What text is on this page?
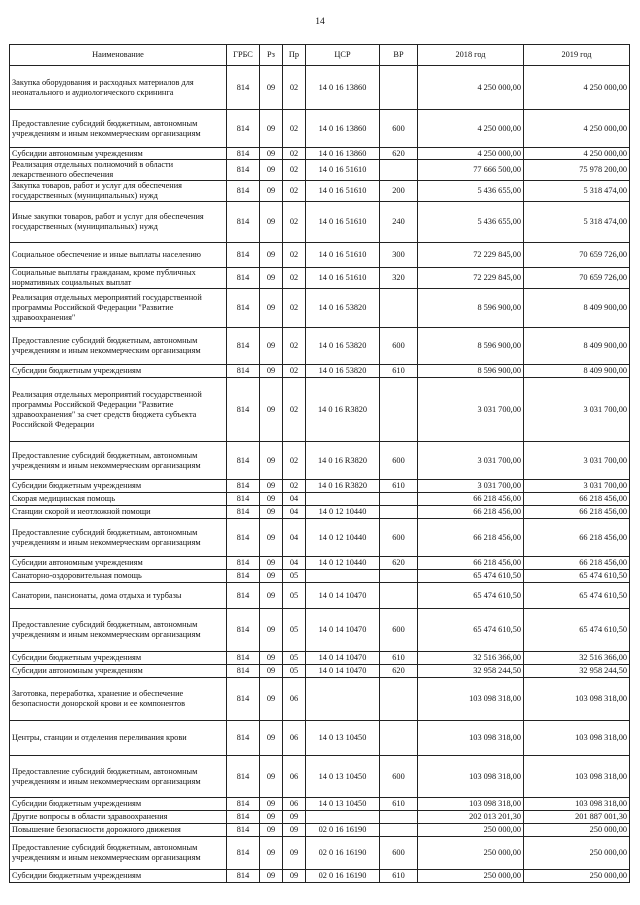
14
Наименование	ГРБС	Рз	Пр	ЦСР	ВР	2018 год	2019 год
Закупка оборудования и расходных материалов для неонатального и аудиологического скрининга	814	09	02	14 0 16 13860		4 250 000,00	4 250 000,00
Предоставление субсидий бюджетным, автономным учреждениям и иным некоммерческим организациям	814	09	02	14 0 16 13860	600	4 250 000,00	4 250 000,00
Субсидии автономным учреждениям	814	09	02	14 0 16 13860	620	4 250 000,00	4 250 000,00
Реализация отдельных полномочий в области лекарственного обеспечения	814	09	02	14 0 16 51610		77 666 500,00	75 978 200,00
Закупка товаров, работ и услуг для обеспечения государственных (муниципальных) нужд	814	09	02	14 0 16 51610	200	5 436 655,00	5 318 474,00
Иные закупки товаров, работ и услуг для обеспечения государственных (муниципальных) нужд	814	09	02	14 0 16 51610	240	5 436 655,00	5 318 474,00
Социальное обеспечение и иные выплаты населению	814	09	02	14 0 16 51610	300	72 229 845,00	70 659 726,00
Социальные выплаты гражданам, кроме публичных нормативных социальных выплат	814	09	02	14 0 16 51610	320	72 229 845,00	70 659 726,00
Реализация отдельных мероприятий государственной программы Российской Федерации "Развитие здравоохранения"	814	09	02	14 0 16 53820		8 596 900,00	8 409 900,00
Предоставление субсидий бюджетным, автономным учреждениям и иным некоммерческим организациям	814	09	02	14 0 16 53820	600	8 596 900,00	8 409 900,00
Субсидии бюджетным учреждениям	814	09	02	14 0 16 53820	610	8 596 900,00	8 409 900,00
Реализация отдельных мероприятий государственной программы Российской Федерации "Развитие здравоохранения" за счет средств бюджета субъекта Российской Федерации	814	09	02	14 0 16 R3820		3 031 700,00	3 031 700,00
Предоставление субсидий бюджетным, автономным учреждениям и иным некоммерческим организациям	814	09	02	14 0 16 R3820	600	3 031 700,00	3 031 700,00
Субсидии бюджетным учреждениям	814	09	02	14 0 16 R3820	610	3 031 700,00	3 031 700,00
Скорая медицинская помощь	814	09	04			66 218 456,00	66 218 456,00
Станции скорой и неотложной помощи	814	09	04	14 0 12 10440		66 218 456,00	66 218 456,00
Предоставление субсидий бюджетным, автономным учреждениям и иным некоммерческим организациям	814	09	04	14 0 12 10440	600	66 218 456,00	66 218 456,00
Субсидии автономным учреждениям	814	09	04	14 0 12 10440	620	66 218 456,00	66 218 456,00
Санаторно-оздоровительная помощь	814	09	05			65 474 610,50	65 474 610,50
Санатории, пансионаты, дома отдыха и турбазы	814	09	05	14 0 14 10470		65 474 610,50	65 474 610,50
Предоставление субсидий бюджетным, автономным учреждениям и иным некоммерческим организациям	814	09	05	14 0 14 10470	600	65 474 610,50	65 474 610,50
Субсидии бюджетным учреждениям	814	09	05	14 0 14 10470	610	32 516 366,00	32 516 366,00
Субсидии автономным учреждениям	814	09	05	14 0 14 10470	620	32 958 244,50	32 958 244,50
Заготовка, переработка, хранение и обеспечение безопасности донорской крови и ее компонентов	814	09	06			103 098 318,00	103 098 318,00
Центры, станции и отделения переливания крови	814	09	06	14 0 13 10450		103 098 318,00	103 098 318,00
Предоставление субсидий бюджетным, автономным учреждениям и иным некоммерческим организациям	814	09	06	14 0 13 10450	600	103 098 318,00	103 098 318,00
Субсидии бюджетным учреждениям	814	09	06	14 0 13 10450	610	103 098 318,00	103 098 318,00
Другие вопросы в области здравоохранения	814	09	09			202 013 201,30	201 887 001,30
Повышение безопасности дорожного движения	814	09	09	02 0 16 16190		250 000,00	250 000,00
Предоставление субсидий бюджетным, автономным учреждениям и иным некоммерческим организациям	814	09	09	02 0 16 16190	600	250 000,00	250 000,00
Субсидии бюджетным учреждениям	814	09	09	02 0 16 16190	610	250 000,00	250 000,00
